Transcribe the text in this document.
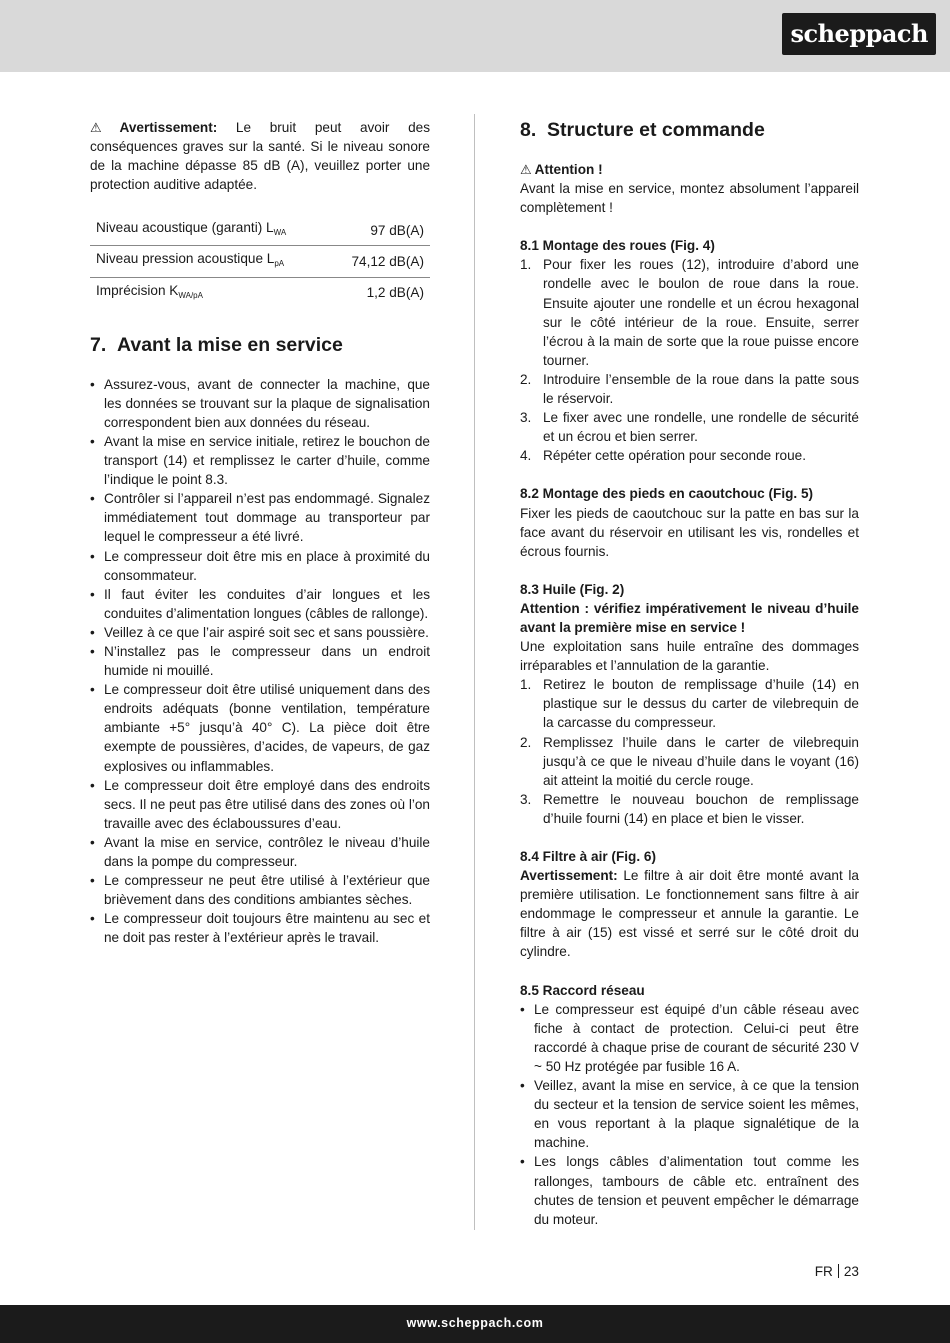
scheppach

⚠ Avertissement: Le bruit peut avoir des conséquences graves sur la santé. Si le niveau sonore de la machine dépasse 85 dB (A), veuillez porter une protection auditive adaptée.

Niveau acoustique (garanti) $L_{WA}$	97 dB(A)
Niveau pression acoustique $L_{pA}$	74,12 dB(A)
Imprécision $K_{WA/pA}$	1,2 dB(A)
7. Avant la mise en service
• Assurez-vous, avant de connecter la machine, que les données se trouvant sur la plaque de signalisation correspondent bien aux données du réseau.
• Avant la mise en service initiale, retirez le bouchon de transport (14) et remplissez le carter d’huile, comme l’indique le point 8.3.
• Contrôler si l’appareil n’est pas endommagé. Signalez immédiatement tout dommage au transporteur par lequel le compresseur a été livré.
• Le compresseur doit être mis en place à proximité du consommateur.
• Il faut éviter les conduites d’air longues et les conduites d’alimentation longues (câbles de rallonge).
• Veillez à ce que l’air aspiré soit sec et sans poussière.
• N’installez pas le compresseur dans un endroit humide ni mouillé.
• Le compresseur doit être utilisé uniquement dans des endroits adéquats (bonne ventilation, température ambiante +5° jusqu’à 40° C). La pièce doit être exempte de poussières, d’acides, de vapeurs, de gaz explosives ou inflammables.
• Le compresseur doit être employé dans des endroits secs. Il ne peut pas être utilisé dans des zones où l’on travaille avec des éclaboussures d’eau.
• Avant la mise en service, contrôlez le niveau d’huile dans la pompe du compresseur.
• Le compresseur ne peut être utilisé à l’extérieur que brièvement dans des conditions ambiantes sèches.
• Le compresseur doit toujours être maintenu au sec et ne doit pas rester à l’extérieur après le travail.
8. Structure et commande

⚠ Attention !

Avant la mise en service, montez absolument l’appareil complètement !

8.1 Montage des roues (Fig. 4)
1. Pour fixer les roues (12), introduire d’abord une rondelle avec le boulon de roue dans la roue. Ensuite ajouter une rondelle et un écrou hexagonal sur le côté intérieur de la roue. Ensuite, serrer l’écrou à la main de sorte que la roue puisse encore tourner.
2. Introduire l’ensemble de la roue dans la patte sous le réservoir.
3. Le fixer avec une rondelle, une rondelle de sécurité et un écrou et bien serrer.
4. Répéter cette opération pour seconde roue.
8.2 Montage des pieds en caoutchouc (Fig. 5)

Fixer les pieds de caoutchouc sur la patte en bas sur la face avant du réservoir en utilisant les vis, rondelles et écrous fournis.

8.3 Huile (Fig. 2)

Attention : vérifiez impérativement le niveau d’huile avant la première mise en service !

Une exploitation sans huile entraîne des dommages irréparables et l’annulation de la garantie.

1. Retirez le bouton de remplissage d’huile (14) en plastique sur le dessus du carter de vilebrequin de la carcasse du compresseur.
2. Remplissez l’huile dans le carter de vilebrequin jusqu’à ce que le niveau d’huile dans le voyant (16) ait atteint la moitié du cercle rouge.
3. Remettre le nouveau bouchon de remplissage d’huile fourni (14) en place et bien le visser.
8.4 Filtre à air (Fig. 6)

Avertissement: Le filtre à air doit être monté avant la première utilisation. Le fonctionnement sans filtre à air endommage le compresseur et annule la garantie. Le filtre à air (15) est vissé et serré sur le côté droit du cylindre.

8.5 Raccord réseau
• Le compresseur est équipé d’un câble réseau avec fiche à contact de protection. Celui-ci peut être raccordé à chaque prise de courant de sécurité 230 V ~ 50 Hz protégée par fusible 16 A.
• Veillez, avant la mise en service, à ce que la tension du secteur et la tension de service soient les mêmes, en vous reportant à la plaque signalétique de la machine.
• Les longs câbles d’alimentation tout comme les rallonges, tambours de câble etc. entraînent des chutes de tension et peuvent empêcher le démarrage du moteur.
FR 23
www.scheppach.com
